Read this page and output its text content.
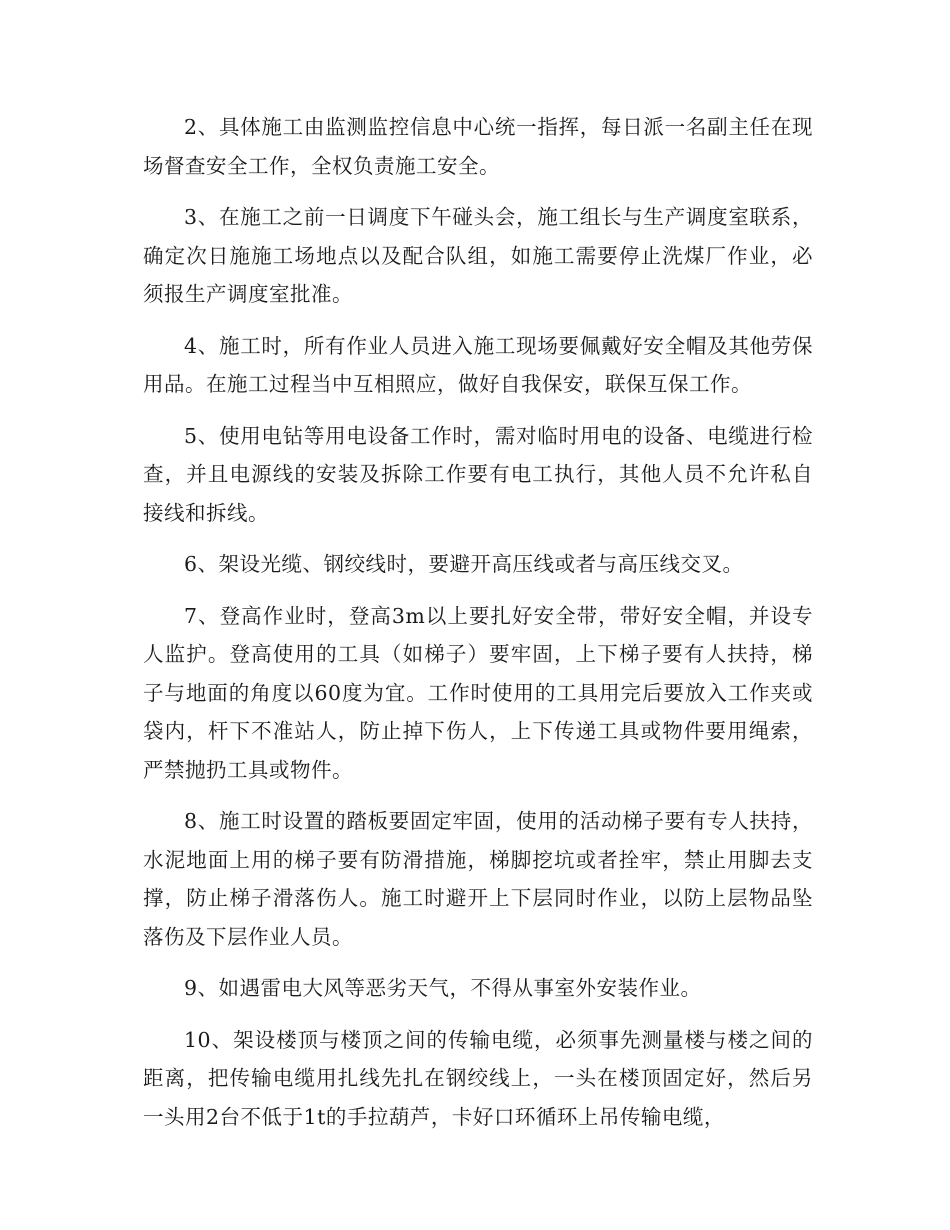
2、具体施工由监测监控信息中心统一指挥，每日派一名副主任在现场督查安全工作，全权负责施工安全。

3、在施工之前一日调度下午碰头会，施工组长与生产调度室联系，确定次日施施工场地点以及配合队组，如施工需要停止洗煤厂作业，必须报生产调度室批准。

4、施工时，所有作业人员进入施工现场要佩戴好安全帽及其他劳保用品。在施工过程当中互相照应，做好自我保安，联保互保工作。

5、使用电钻等用电设备工作时，需对临时用电的设备、电缆进行检查，并且电源线的安装及拆除工作要有电工执行，其他人员不允许私自接线和拆线。

6、架设光缆、钢绞线时，要避开高压线或者与高压线交叉。

7、登高作业时，登高3m以上要扎好安全带，带好安全帽，并设专人监护。登高使用的工具（如梯子）要牢固，上下梯子要有人扶持，梯子与地面的角度以60度为宜。工作时使用的工具用完后要放入工作夹或袋内，杆下不准站人，防止掉下伤人，上下传递工具或物件要用绳索，严禁抛扔工具或物件。

8、施工时设置的踏板要固定牢固，使用的活动梯子要有专人扶持，水泥地面上用的梯子要有防滑措施，梯脚挖坑或者拴牢，禁止用脚去支撑，防止梯子滑落伤人。施工时避开上下层同时作业，以防上层物品坠落伤及下层作业人员。

9、如遇雷电大风等恶劣天气，不得从事室外安装作业。

10、架设楼顶与楼顶之间的传输电缆，必须事先测量楼与楼之间的距离，把传输电缆用扎线先扎在钢绞线上，一头在楼顶固定好，然后另一头用2台不低于1t的手拉葫芦，卡好口环循环上吊传输电缆，
